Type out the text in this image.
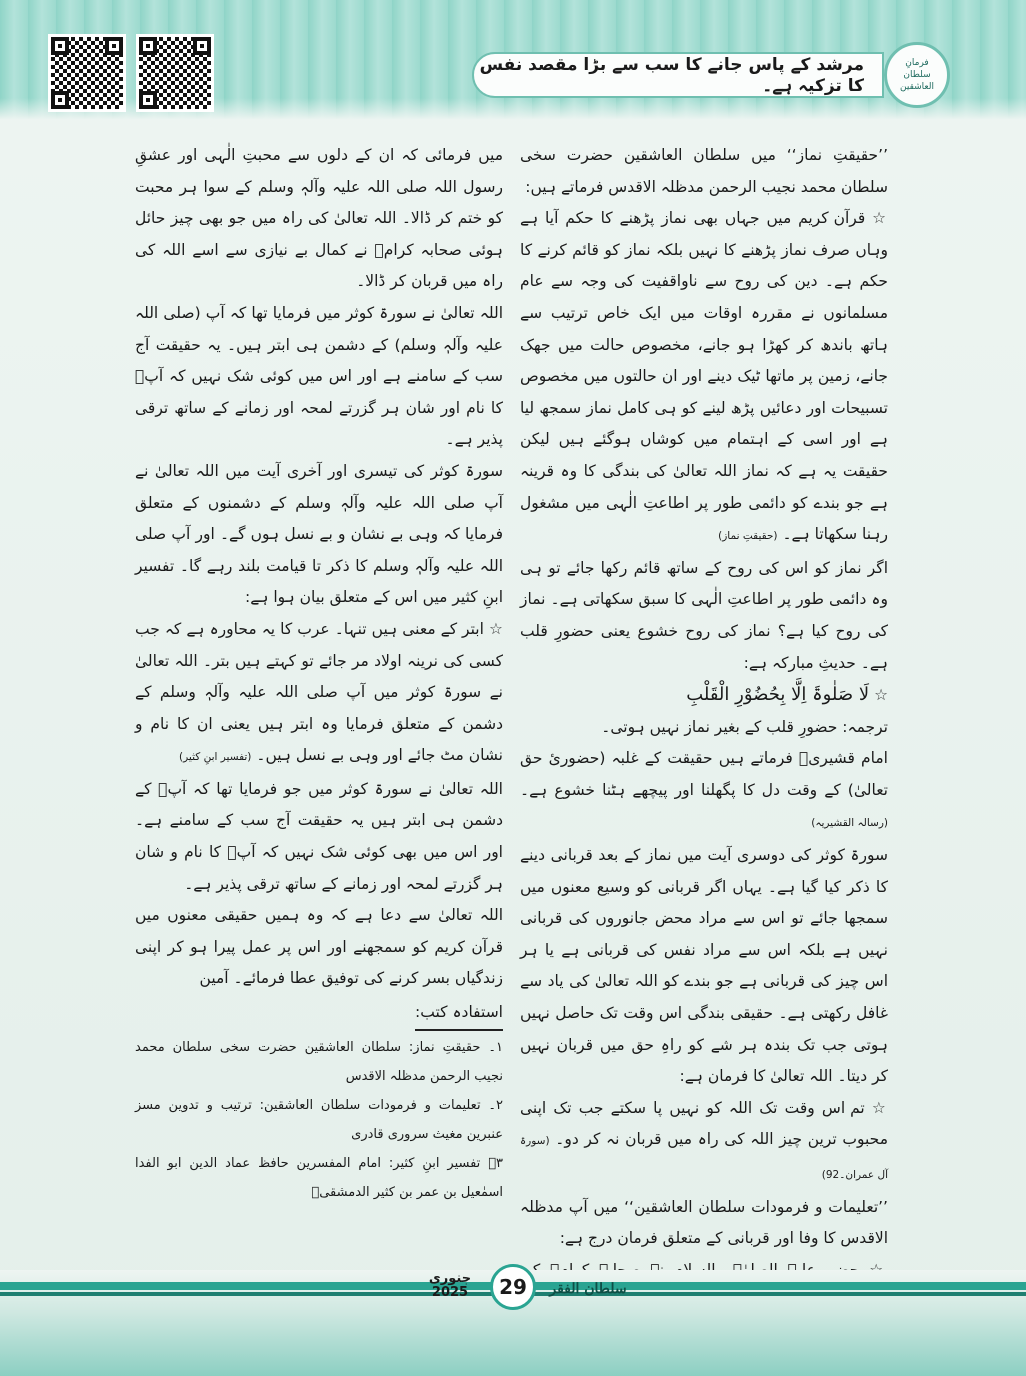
مرشد کے پاس جانے کا سب سے بڑا مقصد نفس کا تزکیہ ہے۔
فرمانِ
سلطان العاشقین

’’حقیقتِ نماز‘‘ میں سلطان العاشقین حضرت سخی سلطان محمد نجیب الرحمن مدظلہ الاقدس فرماتے ہیں:

☆ قرآن کریم میں جہاں بھی نماز پڑھنے کا حکم آیا ہے وہاں صرف نماز پڑھنے کا نہیں بلکہ نماز کو قائم کرنے کا حکم ہے۔ دین کی روح سے ناواقفیت کی وجہ سے عام مسلمانوں نے مقررہ اوقات میں ایک خاص ترتیب سے ہاتھ باندھ کر کھڑا ہو جانے، مخصوص حالت میں جھک جانے، زمین پر ماتھا ٹیک دینے اور ان حالتوں میں مخصوص تسبیحات اور دعائیں پڑھ لینے کو ہی کامل نماز سمجھ لیا ہے اور اسی کے اہتمام میں کوشاں ہوگئے ہیں لیکن حقیقت یہ ہے کہ نماز اللہ تعالیٰ کی بندگی کا وہ قرینہ ہے جو بندے کو دائمی طور پر اطاعتِ الٰہی میں مشغول رہنا سکھاتا ہے۔ (حقیقتِ نماز)

اگر نماز کو اس کی روح کے ساتھ قائم رکھا جائے تو ہی وہ دائمی طور پر اطاعتِ الٰہی کا سبق سکھاتی ہے۔ نماز کی روح کیا ہے؟ نماز کی روح خشوع یعنی حضورِ قلب ہے۔ حدیثِ مبارکہ ہے:

☆ لَا صَلٰوۃَ اِلَّا بِحُضُوْرِ الْقَلْبِ

ترجمہ: حضورِ قلب کے بغیر نماز نہیں ہوتی۔

امام قشیریؒ فرماتے ہیں حقیقت کے غلبہ (حضوریٔ حق تعالیٰ) کے وقت دل کا پگھلنا اور پیچھے ہٹنا خشوع ہے۔ (رسالہ القشیریہ)

سورۃ کوثر کی دوسری آیت میں نماز کے بعد قربانی دینے کا ذکر کیا گیا ہے۔ یہاں اگر قربانی کو وسیع معنوں میں سمجھا جائے تو اس سے مراد محض جانوروں کی قربانی نہیں ہے بلکہ اس سے مراد نفس کی قربانی ہے یا ہر اس چیز کی قربانی ہے جو بندے کو اللہ تعالیٰ کی یاد سے غافل رکھتی ہے۔ حقیقی بندگی اس وقت تک حاصل نہیں ہوتی جب تک بندہ ہر شے کو راہِ حق میں قربان نہیں کر دیتا۔ اللہ تعالیٰ کا فرمان ہے:

☆ تم اس وقت تک اللہ کو نہیں پا سکتے جب تک اپنی محبوب ترین چیز اللہ کی راہ میں قربان نہ کر دو۔ (سورۃ آل عمران۔92)

’’تعلیمات و فرمودات سلطان العاشقین‘‘ میں آپ مدظلہ الاقدس کا وفا اور قربانی کے متعلق فرمان درج ہے:

میں فرمائی کہ ان کے دلوں سے محبتِ الٰہی اور عشقِ رسول اللہ صلی اللہ علیہ وآلہٖ وسلم کے سوا ہر محبت کو ختم کر ڈالا۔ اللہ تعالیٰ کی راہ میں جو بھی چیز حائل ہوئی صحابہ کرامؓ نے کمال بے نیازی سے اسے اللہ کی راہ میں قربان کر ڈالا۔

اللہ تعالیٰ نے سورۃ کوثر میں فرمایا تھا کہ آپ (صلی اللہ علیہ وآلہٖ وسلم) کے دشمن ہی ابتر ہیں۔ یہ حقیقت آج سب کے سامنے ہے اور اس میں کوئی شک نہیں کہ آپؐ کا نام اور شان ہر گزرتے لمحہ اور زمانے کے ساتھ ترقی پذیر ہے۔

سورۃ کوثر کی تیسری اور آخری آیت میں اللہ تعالیٰ نے آپ صلی اللہ علیہ وآلہٖ وسلم کے دشمنوں کے متعلق فرمایا کہ وہی بے نشان و بے نسل ہوں گے۔ اور آپ صلی اللہ علیہ وآلہٖ وسلم کا ذکر تا قیامت بلند رہے گا۔ تفسیر ابنِ کثیر میں اس کے متعلق بیان ہوا ہے:

☆ ابتر کے معنی ہیں تنہا۔ عرب کا یہ محاورہ ہے کہ جب کسی کی نرینہ اولاد مر جائے تو کہتے ہیں بتر۔ اللہ تعالیٰ نے سورۃ کوثر میں آپ صلی اللہ علیہ وآلہٖ وسلم کے دشمن کے متعلق فرمایا وہ ابتر ہیں یعنی ان کا نام و نشان مٹ جائے اور وہی بے نسل ہیں۔ (تفسیر ابنِ کثیر)

اللہ تعالیٰ نے سورۃ کوثر میں جو فرمایا تھا کہ آپؐ کے دشمن ہی ابتر ہیں یہ حقیقت آج سب کے سامنے ہے۔ اور اس میں بھی کوئی شک نہیں کہ آپؐ کا نام و شان ہر گزرتے لمحہ اور زمانے کے ساتھ ترقی پذیر ہے۔

اللہ تعالیٰ سے دعا ہے کہ وہ ہمیں حقیقی معنوں میں قرآن کریم کو سمجھنے اور اس پر عمل پیرا ہو کر اپنی زندگیاں بسر کرنے کی توفیق عطا فرمائے۔ آمین

استفادہ کتب:

۱۔ حقیقتِ نماز: سلطان العاشقین حضرت سخی سلطان محمد نجیب الرحمن مدظلہ الاقدس

۲۔ تعلیمات و فرمودات سلطان العاشقین: ترتیب و تدوین مسز عنبرین مغیث سروری قادری

۳۔ تفسیر ابنِ کثیر: امام المفسرین حافظ عماد الدین ابو الفدا اسمٰعیل بن عمر بن کثیر الدمشقیؒ

جنوری
2025	29	سلطان الفقر
